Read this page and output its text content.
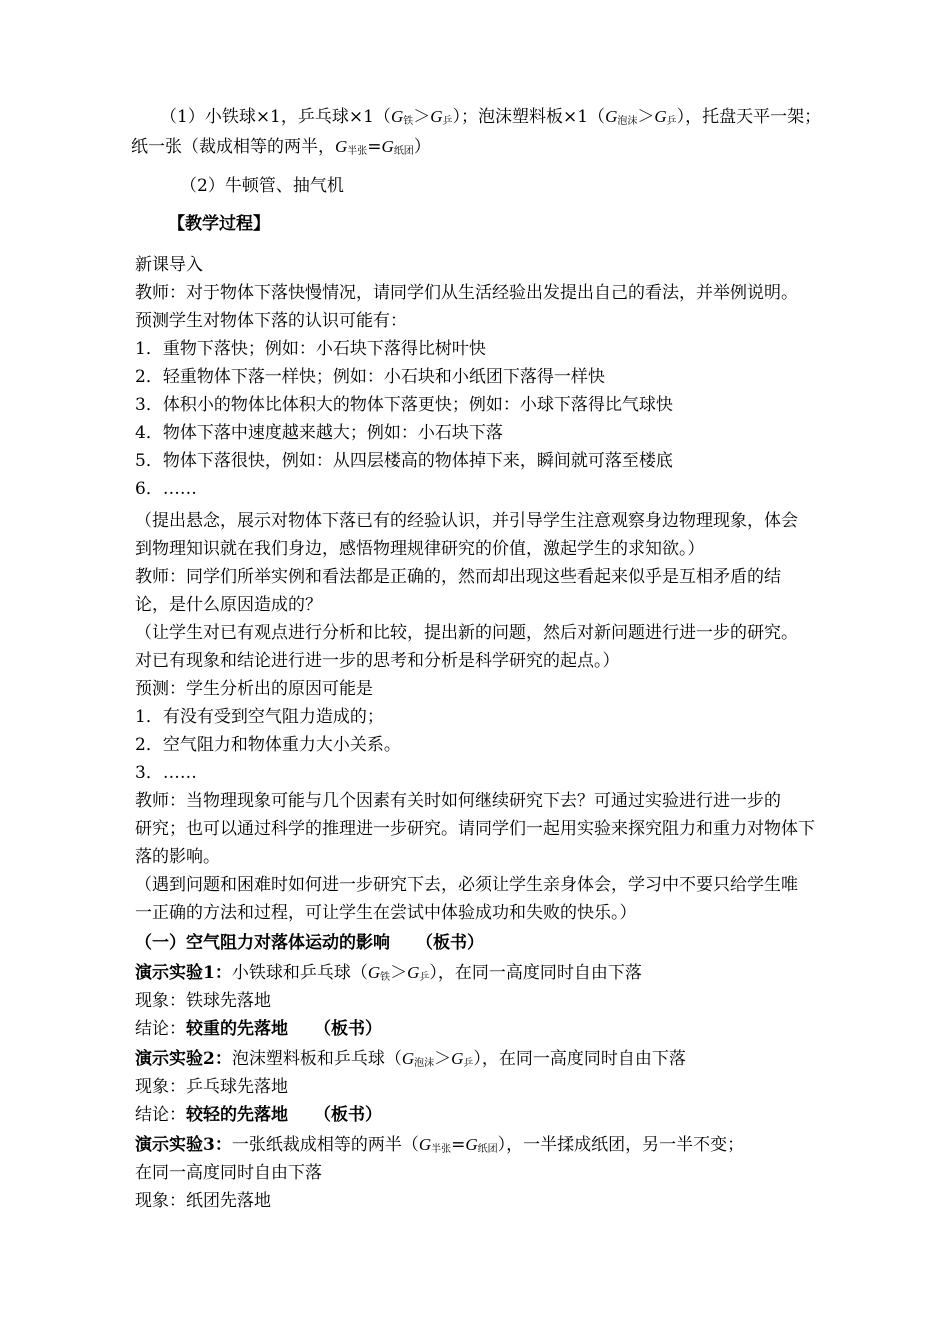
（1）小铁球×1，乒乓球$\times 1(G_铁>G_乒)$；泡沫塑料板$\times 1(G_{泡沫}>G_乒)$，托盘天平一架；
纸一张（裁成相等的两半，$G_{半张}=G_{纸团}$）
（2）牛顿管、抽气机
【教学过程】
新课导入
教师：对于物体下落快慢情况，请同学们从生活经验出发提出自己的看法，并举例说明。
预测学生对物体下落的认识可能有：
1．重物下落快；例如：小石块下落得比树叶快
2．轻重物体下落一样快；例如：小石块和小纸团下落得一样快
3．体积小的物体比体积大的物体下落更快；例如：小球下落得比气球快
4．物体下落中速度越来越大；例如：小石块下落
5．物体下落很快，例如：从四层楼高的物体掉下来，瞬间就可落至楼底
6．……
（提出悬念，展示对物体下落已有的经验认识，并引导学生注意观察身边物理现象，体会
到物理知识就在我们身边，感悟物理规律研究的价值，激起学生的求知欲。）
教师：同学们所举实例和看法都是正确的，然而却出现这些看起来似乎是互相矛盾的结
论，是什么原因造成的？
（让学生对已有观点进行分析和比较，提出新的问题，然后对新问题进行进一步的研究。
对已有现象和结论进行进一步的思考和分析是科学研究的起点。）
预测：学生分析出的原因可能是
1．有没有受到空气阻力造成的；
2．空气阻力和物体重力大小关系。
3．……
教师：当物理现象可能与几个因素有关时如何继续研究下去？可通过实验进行进一步的
研究；也可以通过科学的推理进一步研究。请同学们一起用实验来探究阻力和重力对物体下
落的影响。
（遇到问题和困难时如何进一步研究下去，必须让学生亲身体会，学习中不要只给学生唯
一正确的方法和过程，可让学生在尝试中体验成功和失败的快乐。）
（一）空气阻力对落体运动的影响 （板书）
演示实验1：小铁球和乒乓球$(G_铁>G_乒)$，在同一高度同时自由下落
现象：铁球先落地
结论：较重的先落地 （板书）
演示实验2：泡沫塑料板和乒乓球$(G_{泡沫}>G_乒)$，在同一高度同时自由下落
现象：乒乓球先落地
结论：较轻的先落地 （板书）
演示实验3：一张纸裁成相等的两半$(G_{半张}=G_{纸团})$，一半揉成纸团，另一半不变；
在同一高度同时自由下落
现象：纸团先落地
